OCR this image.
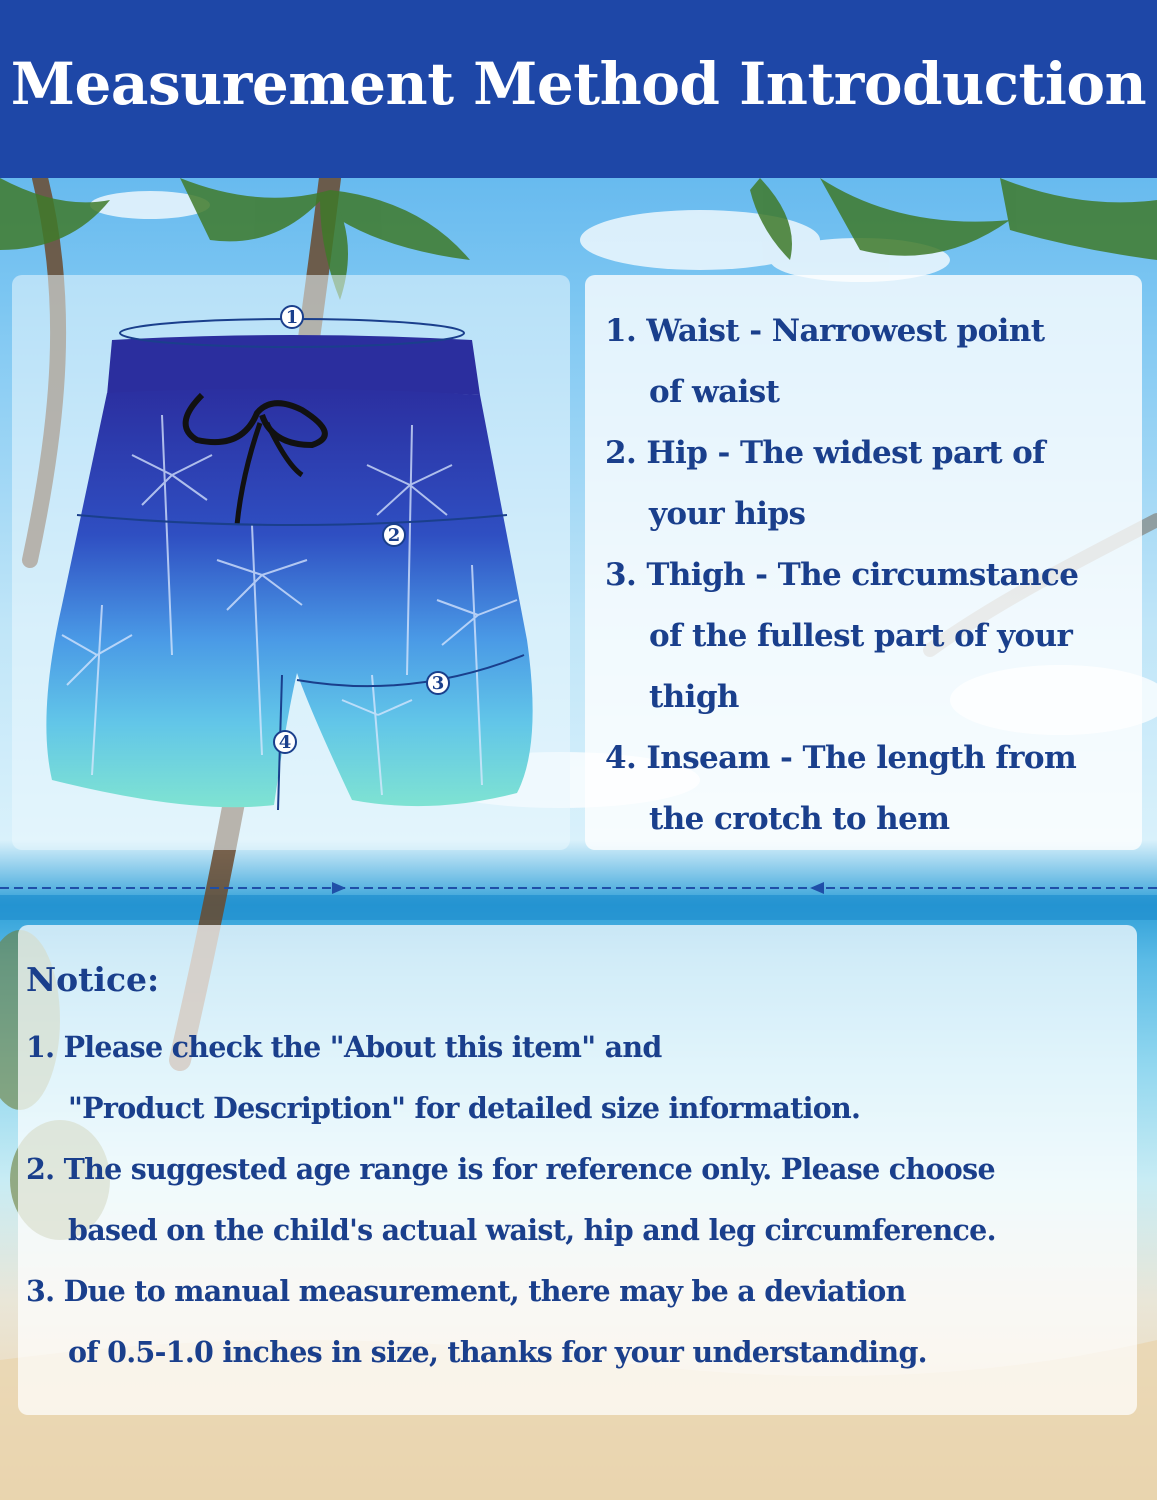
Measurement Method Introduction
1
2
3
4
1. Waist - Narrowest point
of waist
2. Hip - The widest part of
your hips
3. Thigh - The circumstance
of the fullest part of your
thigh
4. Inseam - The length from
the crotch to hem
Notice:
1. Please check the "About this item" and
"Product Description" for detailed size information.
2. The suggested age range is for reference only. Please choose
based on the child's actual waist, hip and leg circumference.
3. Due to manual measurement, there may be a deviation
of 0.5-1.0 inches in size, thanks for your understanding.
